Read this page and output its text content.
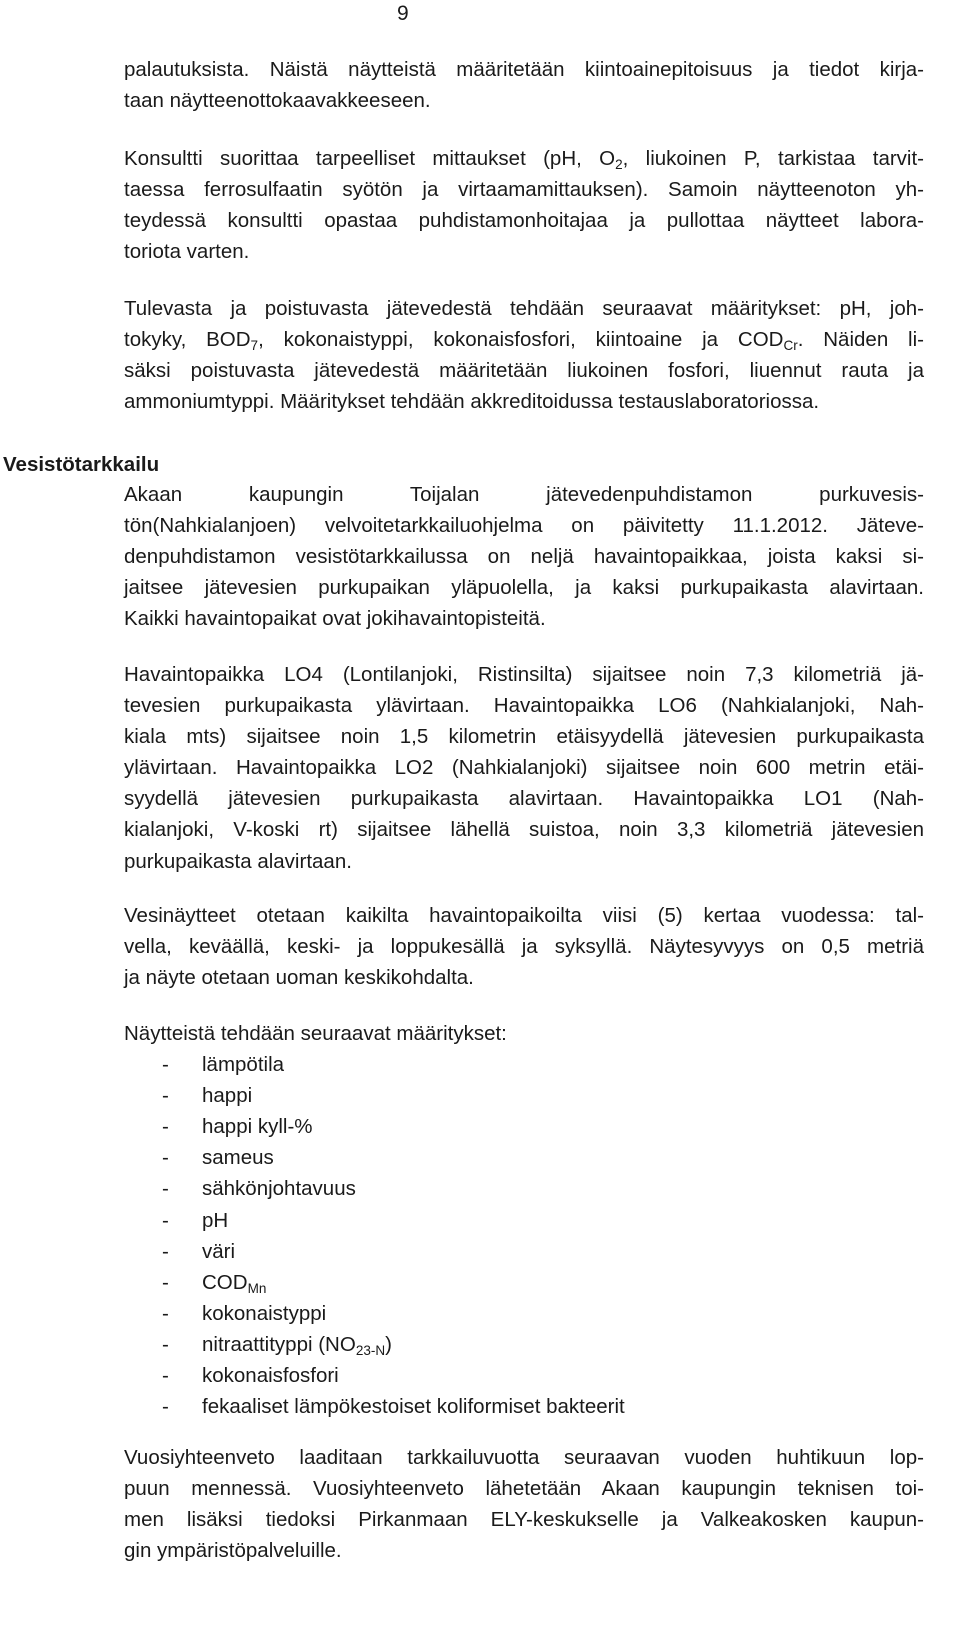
9
Vesistötarkkailu
palautuksista. Näistä näytteistä määritetään kiintoainepitoisuus ja tiedot kirja-
taan näytteenottokaavakkeeseen.
Konsultti suorittaa tarpeelliset mittaukset (pH, $O_2$, liukoinen P, tarkistaa tarvit-
taessa ferrosulfaatin syötön ja virtaamamittauksen). Samoin näytteenoton yh-
teydessä konsultti opastaa puhdistamonhoitajaa ja pullottaa näytteet labora-
toriota varten.
Tulevasta ja poistuvasta jätevedestä tehdään seuraavat määritykset: pH, joh-
tokyky, $BOD_7$, kokonaistyppi, kokonaisfosfori, kiintoaine ja $COD_{Cr}$. Näiden li-
säksi poistuvasta jätevedestä määritetään liukoinen fosfori, liuennut rauta ja
ammoniumtyppi. Määritykset tehdään akkreditoidussa testauslaboratoriossa.
Akaan kaupungin Toijalan jätevedenpuhdistamon purkuvesis-
tön(Nahkialanjoen) velvoitetarkkailuohjelma on päivitetty 11.1.2012. Jäteve-
denpuhdistamon vesistötarkkailussa on neljä havaintopaikkaa, joista kaksi si-
jaitsee jätevesien purkupaikan yläpuolella, ja kaksi purkupaikasta alavirtaan.
Kaikki havaintopaikat ovat jokihavaintopisteitä.
Havaintopaikka LO4 (Lontilanjoki, Ristinsilta) sijaitsee noin 7,3 kilometriä jä-
tevesien purkupaikasta ylävirtaan. Havaintopaikka LO6 (Nahkialanjoki, Nah-
kiala mts) sijaitsee noin 1,5 kilometrin etäisyydellä jätevesien purkupaikasta
ylävirtaan. Havaintopaikka LO2 (Nahkialanjoki) sijaitsee noin 600 metrin etäi-
syydellä jätevesien purkupaikasta alavirtaan. Havaintopaikka LO1 (Nah-
kialanjoki, V-koski rt) sijaitsee lähellä suistoa, noin 3,3 kilometriä jätevesien
purkupaikasta alavirtaan.
Vesinäytteet otetaan kaikilta havaintopaikoilta viisi (5) kertaa vuodessa: tal-
vella, keväällä, keski- ja loppukesällä ja syksyllä. Näytesyvyys on 0,5 metriä
ja näyte otetaan uoman keskikohdalta.
Näytteistä tehdään seuraavat määritykset:
- lämpötila
- happi
- happi kyll-%
- sameus
- sähkönjohtavuus
- pH
- väri
- $COD_{Mn}$
- kokonaistyppi
- nitraattityppi $(NO_{23-N})$
- kokonaisfosfori
- fekaaliset lämpökestoiset koliformiset bakteerit
Vuosiyhteenveto laaditaan tarkkailuvuotta seuraavan vuoden huhtikuun lop-
puun mennessä. Vuosiyhteenveto lähetetään Akaan kaupungin teknisen toi-
men lisäksi tiedoksi Pirkanmaan ELY-keskukselle ja Valkeakosken kaupun-
gin ympäristöpalveluille.
